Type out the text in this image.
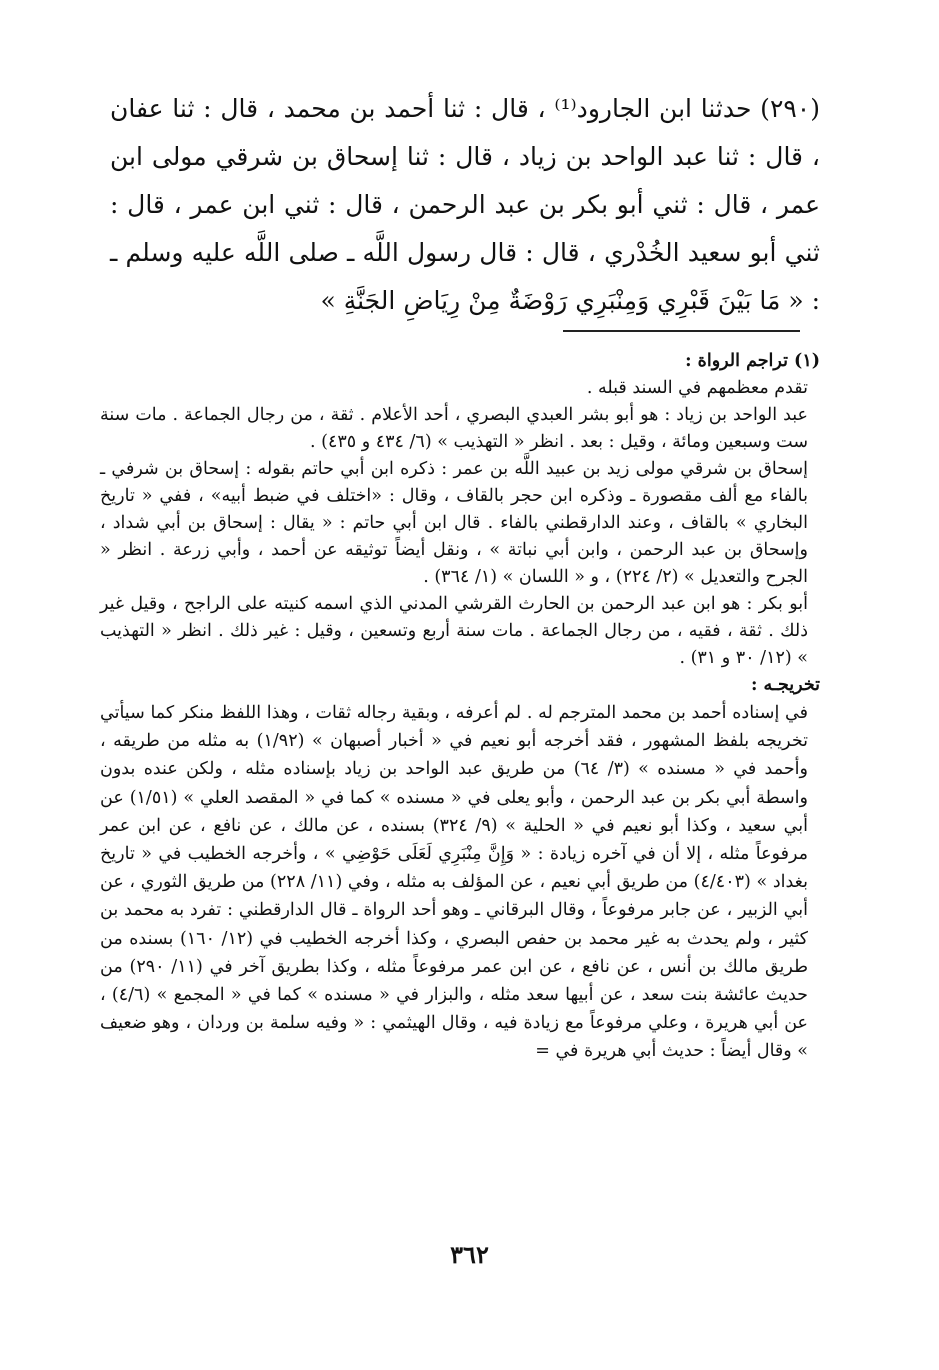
(٢٩٠) حدثنا ابن الجارود⁽¹⁾ ، قال : ثنا أحمد بن محمد ، قال : ثنا عفان ، قال : ثنا عبد الواحد بن زياد ، قال : ثنا إسحاق بن شرقي مولى ابن عمر ، قال : ثني أبو بكر بن عبد الرحمن ، قال : ثني ابن عمر ، قال : ثني أبو سعيد الخُدْري ، قال : قال رسول اللَّه ـ صلى اللَّه عليه وسلم ـ : « مَا بَيْنَ قَبْرِي وَمِنْبَرِي رَوْضَةٌ مِنْ رِيَاضِ الجَنَّةِ »

(١) تراجم الرواة :

تقدم معظمهم في السند قبله .

عبد الواحد بن زياد : هو أبو بشر العبدي البصري ، أحد الأعلام . ثقة ، من رجال الجماعة . مات سنة ست وسبعين ومائة ، وقيل : بعد . انظر « التهذيب » (٦/ ٤٣٤ و ٤٣٥) .

إسحاق بن شرقي مولى زيد بن عبيد اللَّه بن عمر : ذكره ابن أبي حاتم بقوله : إسحاق بن شرفي ـ بالفاء مع ألف مقصورة ـ وذكره ابن حجر بالقاف ، وقال : «اختلف في ضبط أبيه» ، ففي « تاريخ البخاري » بالقاف ، وعند الدارقطني بالفاء . قال ابن أبي حاتم : « يقال : إسحاق بن أبي شداد ، وإسحاق بن عبد الرحمن ، وابن أبي نباتة » ، ونقل أيضاً توثيقه عن أحمد ، وأبي زرعة . انظر « الجرح والتعديل » (٢/ ٢٢٤) ، و « اللسان » (١/ ٣٦٤) .

أبو بكر : هو ابن عبد الرحمن بن الحارث القرشي المدني الذي اسمه كنيته على الراجح ، وقيل غير ذلك . ثقة ، فقيه ، من رجال الجماعة . مات سنة أربع وتسعين ، وقيل : غير ذلك . انظر « التهذيب » (١٢/ ٣٠ و ٣١) .

تخريجـه :

في إسناده أحمد بن محمد المترجم له . لم أعرفه ، وبقية رجاله ثقات ، وهذا اللفظ منكر كما سيأتي تخريجه بلفظ المشهور ، فقد أخرجه أبو نعيم في « أخبار أصبهان » (١/٩٢) به مثله من طريقه ، وأحمد في « مسنده » (٣/ ٦٤) من طريق عبد الواحد بن زياد بإسناده مثله ، ولكن عنده بدون واسطة أبي بكر بن عبد الرحمن ، وأبو يعلى في « مسنده » كما في « المقصد العلي » (١/٥١) عن أبي سعيد ، وكذا أبو نعيم في « الحلية » (٩/ ٣٢٤) بسنده ، عن مالك ، عن نافع ، عن ابن عمر مرفوعاً مثله ، إلا أن في آخره زيادة : « وَإِنَّ مِنْبَرِي لَعَلَى حَوْضِي » ، وأخرجه الخطيب في « تاريخ بغداد » (٤/٤٠٣) من طريق أبي نعيم ، عن المؤلف به مثله ، وفي (١١/ ٢٢٨) من طريق الثوري ، عن أبي الزبير ، عن جابر مرفوعاً ، وقال البرقاني ـ وهو أحد الرواة ـ قال الدارقطني : تفرد به محمد بن كثير ، ولم يحدث به غير محمد بن حفص البصري ، وكذا أخرجه الخطيب في (١٢/ ١٦٠) بسنده من طريق مالك بن أنس ، عن نافع ، عن ابن عمر مرفوعاً مثله ، وكذا بطريق آخر في (١١/ ٢٩٠) من حديث عائشة بنت سعد ، عن أبيها سعد مثله ، والبزار في « مسنده » كما في « المجمع » (٤/٦) ، عن أبي هريرة ، وعلي مرفوعاً مع زيادة فيه ، وقال الهيثمي : « وفيه سلمة بن وردان ، وهو ضعيف » وقال أيضاً : حديث أبي هريرة في =

٣٦٢
